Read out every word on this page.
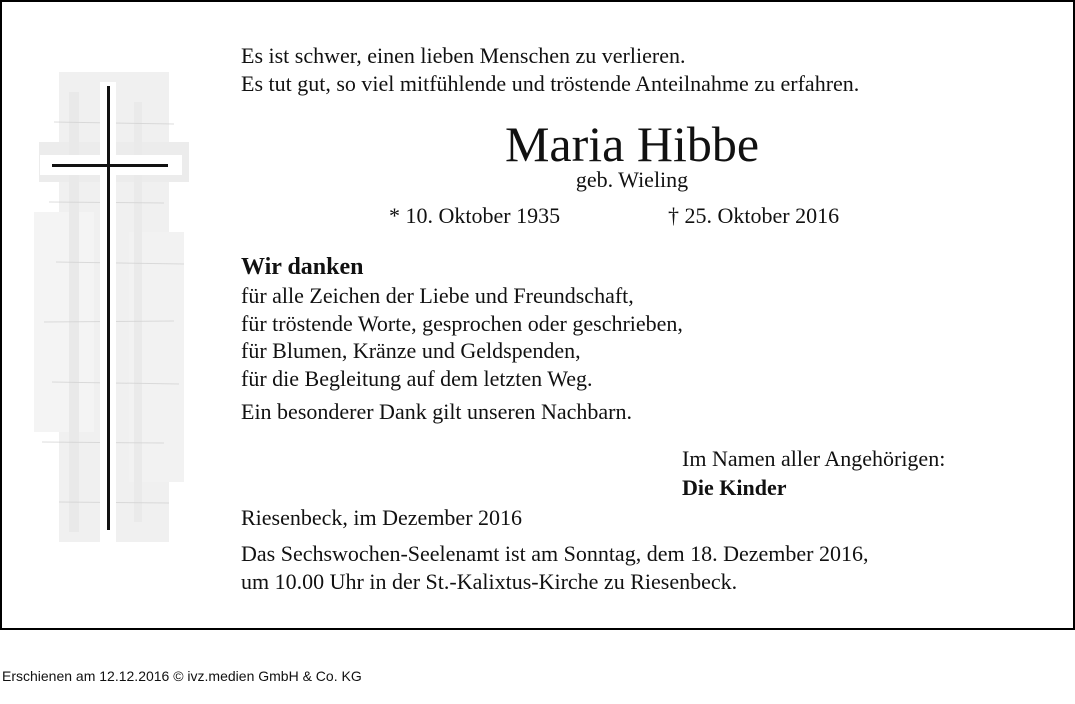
Es ist schwer, einen lieben Menschen zu verlieren.
Es tut gut, so viel mitfühlende und tröstende Anteilnahme zu erfahren.
Maria Hibbe
geb. Wieling
* 10. Oktober 1935	† 25. Oktober 2016
Wir danken
für alle Zeichen der Liebe und Freundschaft,
für tröstende Worte, gesprochen oder geschrieben,
für Blumen, Kränze und Geldspenden,
für die Begleitung auf dem letzten Weg.
Ein besonderer Dank gilt unseren Nachbarn.
Im Namen aller Angehörigen:
Die Kinder
Riesenbeck, im Dezember 2016
Das Sechswochen-Seelenamt ist am Sonntag, dem 18. Dezember 2016,
um 10.00 Uhr in der St.-Kalixtus-Kirche zu Riesenbeck.
Erschienen am 12.12.2016 © ivz.medien GmbH & Co. KG
